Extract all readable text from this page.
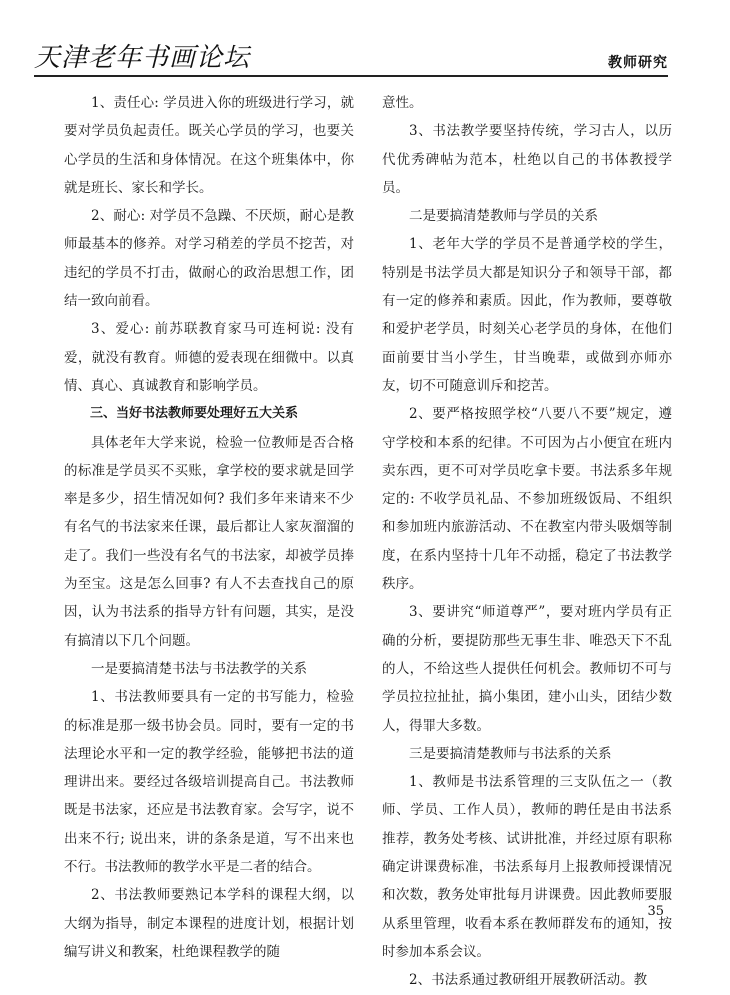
天津老年书画论坛	教师研究

1、责任心: 学员进入你的班级进行学习，就要对学员负起责任。既关心学员的学习，也要关心学员的生活和身体情况。在这个班集体中，你就是班长、家长和学长。

2、耐心: 对学员不急躁、不厌烦，耐心是教师最基本的修养。对学习稍差的学员不挖苦，对违纪的学员不打击，做耐心的政治思想工作，团结一致向前看。

3、爱心: 前苏联教育家马可连柯说: 没有爱，就没有教育。师德的爱表现在细微中。以真情、真心、真诚教育和影响学员。

三、当好书法教师要处理好五大关系

具体老年大学来说，检验一位教师是否合格的标准是学员买不买账，拿学校的要求就是回学率是多少，招生情况如何? 我们多年来请来不少有名气的书法家来任课，最后都让人家灰溜溜的走了。我们一些没有名气的书法家，却被学员捧为至宝。这是怎么回事? 有人不去查找自己的原因，认为书法系的指导方针有问题，其实，是没有搞清以下几个问题。

一是要搞清楚书法与书法教学的关系

1、书法教师要具有一定的书写能力，检验的标准是那一级书协会员。同时，要有一定的书法理论水平和一定的教学经验，能够把书法的道理讲出来。要经过各级培训提高自己。书法教师既是书法家，还应是书法教育家。会写字，说不出来不行; 说出来，讲的条条是道，写不出来也不行。书法教师的教学水平是二者的结合。

2、书法教师要熟记本学科的课程大纲，以大纲为指导，制定本课程的进度计划，根据计划编写讲义和教案，杜绝课程教学的随

意性。

3、书法教学要坚持传统，学习古人，以历代优秀碑帖为范本，杜绝以自己的书体教授学员。

二是要搞清楚教师与学员的关系

1、老年大学的学员不是普通学校的学生，特别是书法学员大都是知识分子和领导干部，都有一定的修养和素质。因此，作为教师，要尊敬和爱护老学员，时刻关心老学员的身体，在他们面前要甘当小学生，甘当晚辈，或做到亦师亦友，切不可随意训斥和挖苦。

2、要严格按照学校“八要八不要”规定，遵守学校和本系的纪律。不可因为占小便宜在班内卖东西，更不可对学员吃拿卡要。书法系多年规定的: 不收学员礼品、不参加班级饭局、不组织和参加班内旅游活动、不在教室内带头吸烟等制度，在系内坚持十几年不动摇，稳定了书法教学秩序。

3、要讲究“师道尊严”，要对班内学员有正确的分析，要提防那些无事生非、唯恐天下不乱的人，不给这些人提供任何机会。教师切不可与学员拉拉扯扯，搞小集团，建小山头，团结少数人，得罪大多数。

三是要搞清楚教师与书法系的关系

1、教师是书法系管理的三支队伍之一（教师、学员、工作人员），教师的聘任是由书法系推荐，教务处考核、试讲批准，并经过原有职称确定讲课费标准，书法系每月上报教师授课情况和次数，教务处审批每月讲课费。因此教师要服从系里管理，收看本系在教师群发布的通知，按时参加本系会议。

2、书法系通过教研组开展教研活动。教

35
